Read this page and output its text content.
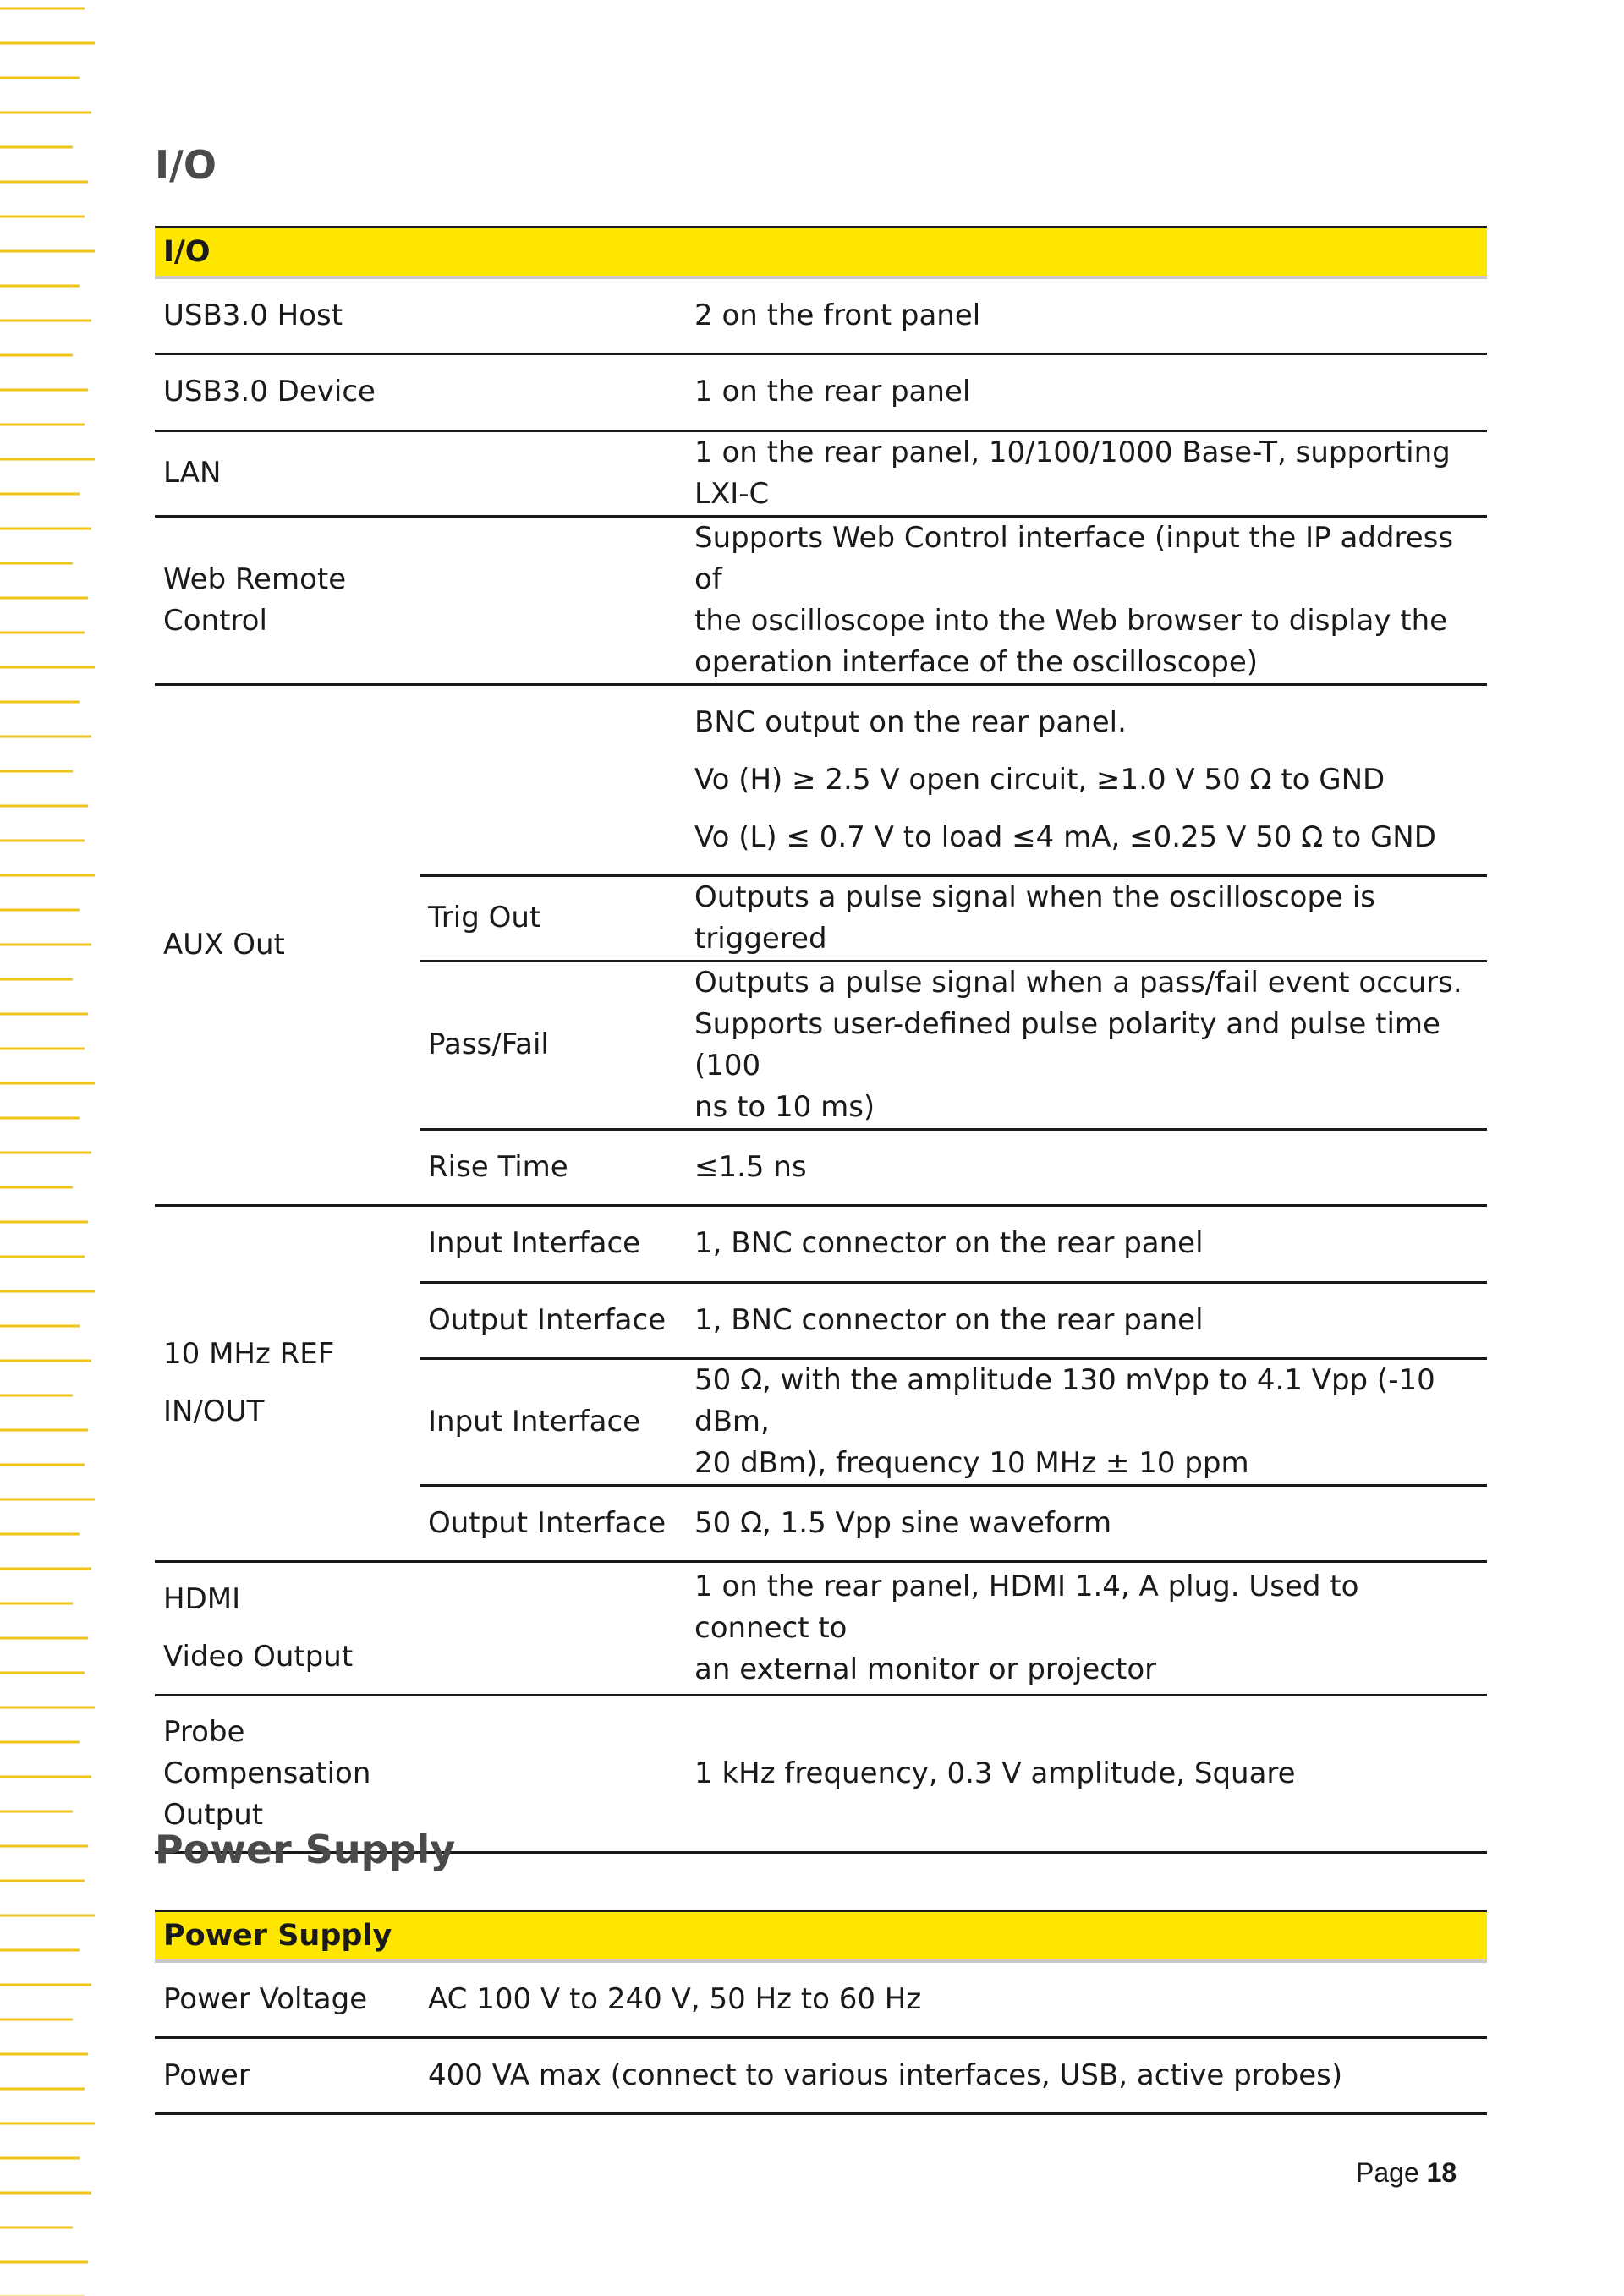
I/O
I/O		
USB3.0 Host		2 on the front panel
USB3.0 Device		1 on the rear panel
LAN		1 on the rear panel, 10/100/1000 Base-T, supporting LXI-C

Web Remote
Control		Supports Web Control interface (input the IP address of
the oscilloscope into the Web browser to display the
operation interface of the oscilloscope)

AUX Out		BNC output on the rear panel.
Vo (H) ≥ 2.5 V open circuit, ≥1.0 V 50 Ω to GND
Vo (L) ≤ 0.7 V to load ≤4 mA, ≤0.25 V 50 Ω to GND

	Trig Out	Outputs a pulse signal when the oscilloscope is triggered
	Pass/Fail	Outputs a pulse signal when a pass/fail event occurs.
Supports user-defined pulse polarity and pulse time (100
ns to 10 ms)

	Rise Time	≤1.5 ns

10 MHz REF
IN/OUT	Input Interface	1, BNC connector on the rear panel
	Output Interface	1, BNC connector on the rear panel
	Input Interface	50 Ω, with the amplitude 130 mVpp to 4.1 Vpp (-10 dBm,
20 dBm), frequency 10 MHz ± 10 ppm

	Output Interface	50 Ω, 1.5 Vpp sine waveform

HDMI
Video Output		1 on the rear panel, HDMI 1.4, A plug. Used to connect to
an external monitor or projector

Probe
Compensation
Output		1 kHz frequency, 0.3 V amplitude, Square
Power Supply
Power Supply	
Power Voltage	AC 100 V to 240 V, 50 Hz to 60 Hz
Power	400 VA max (connect to various interfaces, USB, active probes)
Page 18
